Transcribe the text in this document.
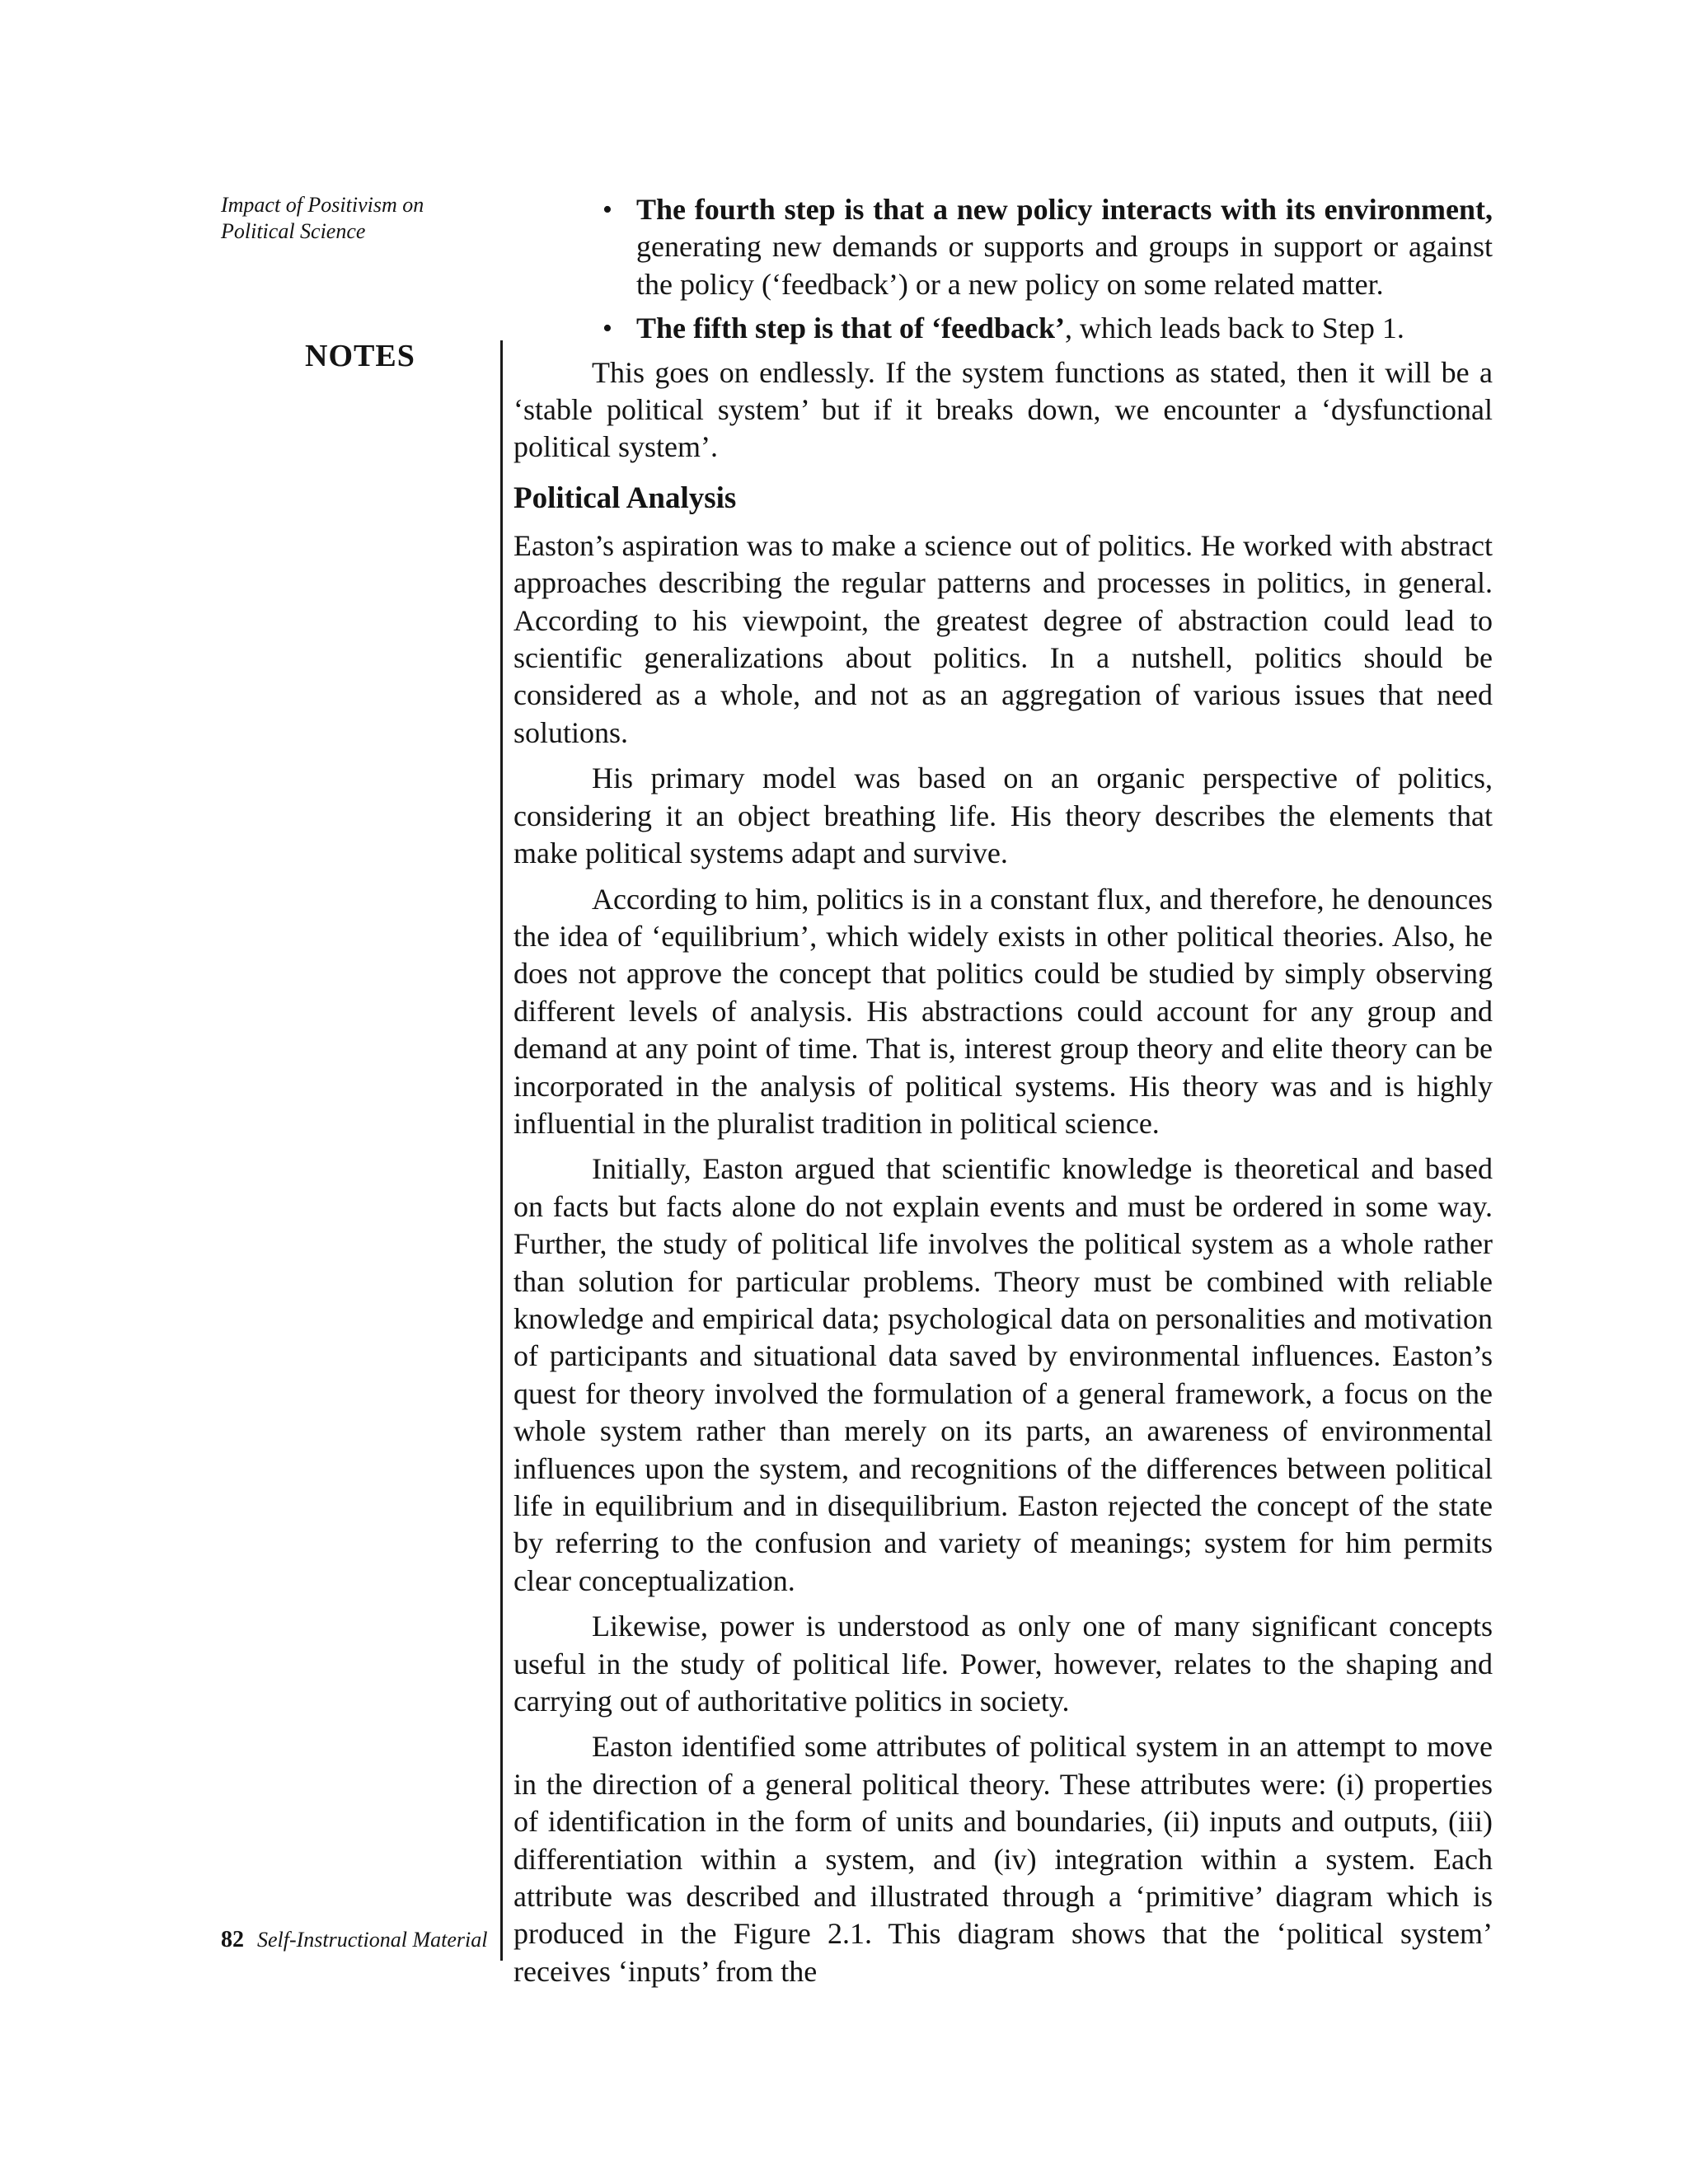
Impact of Positivism on Political Science
NOTES
• The fourth step is that a new policy interacts with its environment, generating new demands or supports and groups in support or against the policy (‘feedback’) or a new policy on some related matter.
• The fifth step is that of ‘feedback’, which leads back to Step 1.

This goes on endlessly. If the system functions as stated, then it will be a ‘stable political system’ but if it breaks down, we encounter a ‘dysfunctional political system’.

Political Analysis

Easton’s aspiration was to make a science out of politics. He worked with abstract approaches describing the regular patterns and processes in politics, in general. According to his viewpoint, the greatest degree of abstraction could lead to scientific generalizations about politics. In a nutshell, politics should be considered as a whole, and not as an aggregation of various issues that need solutions.

His primary model was based on an organic perspective of politics, considering it an object breathing life. His theory describes the elements that make political systems adapt and survive.

According to him, politics is in a constant flux, and therefore, he denounces the idea of ‘equilibrium’, which widely exists in other political theories. Also, he does not approve the concept that politics could be studied by simply observing different levels of analysis. His abstractions could account for any group and demand at any point of time. That is, interest group theory and elite theory can be incorporated in the analysis of political systems. His theory was and is highly influential in the pluralist tradition in political science.

Initially, Easton argued that scientific knowledge is theoretical and based on facts but facts alone do not explain events and must be ordered in some way. Further, the study of political life involves the political system as a whole rather than solution for particular problems. Theory must be combined with reliable knowledge and empirical data; psychological data on personalities and motivation of participants and situational data saved by environmental influences. Easton’s quest for theory involved the formulation of a general framework, a focus on the whole system rather than merely on its parts, an awareness of environmental influences upon the system, and recognitions of the differences between political life in equilibrium and in disequilibrium. Easton rejected the concept of the state by referring to the confusion and variety of meanings; system for him permits clear conceptualization.

Likewise, power is understood as only one of many significant concepts useful in the study of political life. Power, however, relates to the shaping and carrying out of authoritative politics in society.

Easton identified some attributes of political system in an attempt to move in the direction of a general political theory. These attributes were: (i) properties of identification in the form of units and boundaries, (ii) inputs and outputs, (iii) differentiation within a system, and (iv) integration within a system. Each attribute was described and illustrated through a ‘primitive’ diagram which is produced in the Figure 2.1. This diagram shows that the ‘political system’ receives ‘inputs’ from the

82 Self-Instructional Material
